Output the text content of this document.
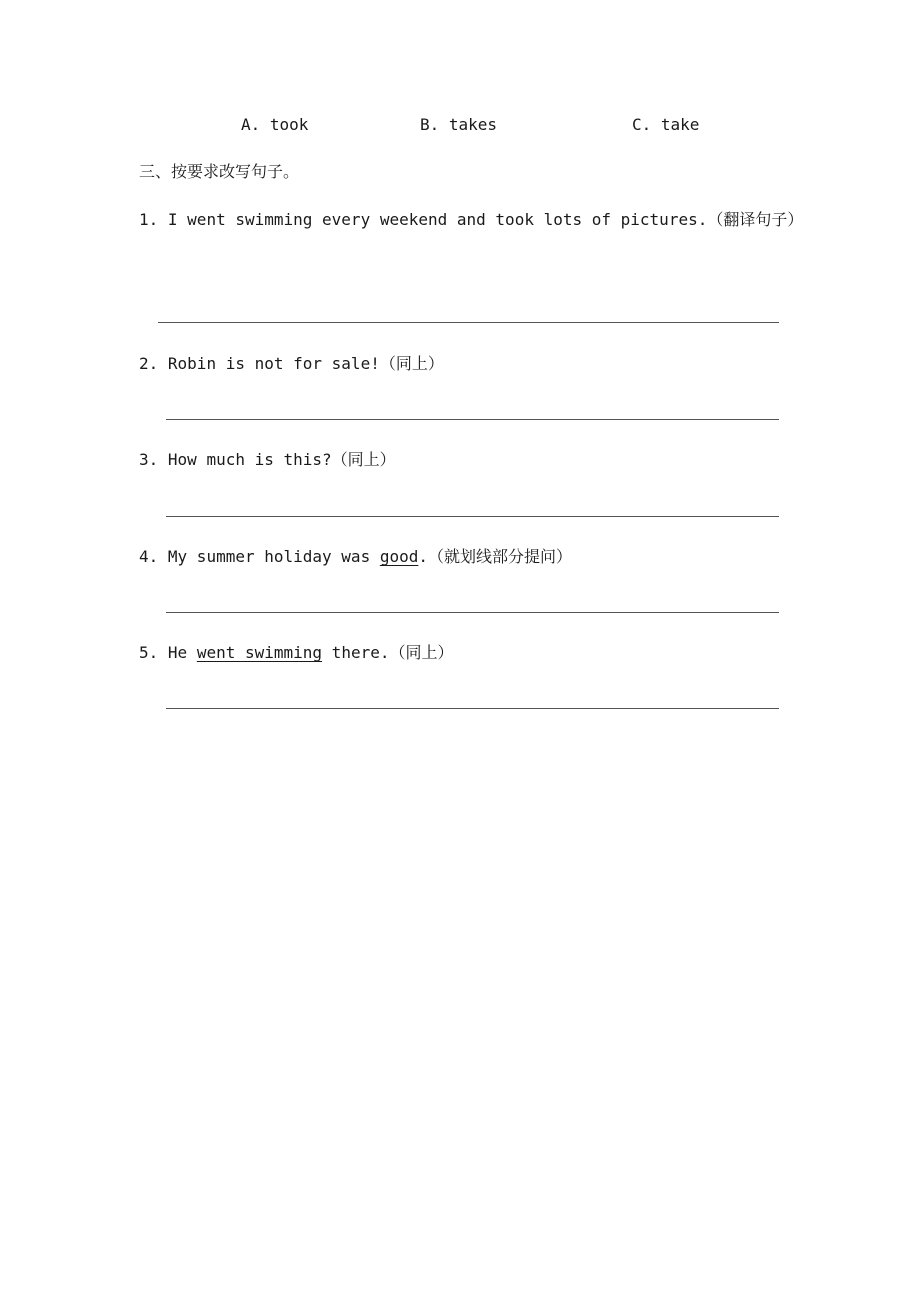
A. took	B. takes	C. take
三、按要求改写句子。
1. I went swimming every weekend and took lots of pictures.（翻译句子）
2. Robin is not for sale!（同上）
3. How much is this?（同上）
4. My summer holiday was good.（就划线部分提问）
5. He went swimming there.（同上）
